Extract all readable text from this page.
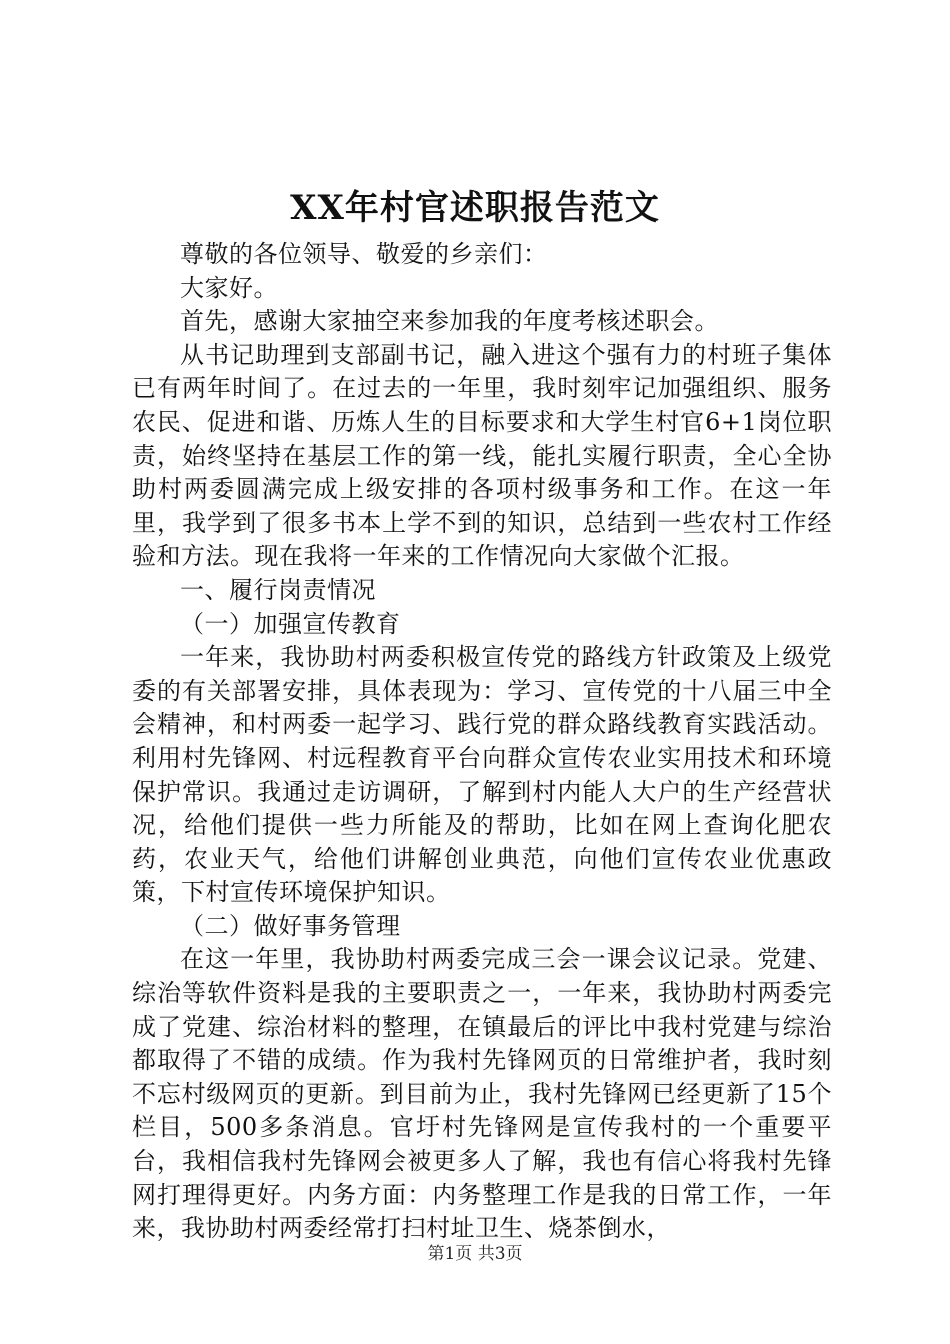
XX年村官述职报告范文

尊敬的各位领导、敬爱的乡亲们：

大家好。

首先，感谢大家抽空来参加我的年度考核述职会。

从书记助理到支部副书记，融入进这个强有力的村班子集体已有两年时间了。在过去的一年里，我时刻牢记加强组织、服务农民、促进和谐、历炼人生的目标要求和大学生村官6+1岗位职责，始终坚持在基层工作的第一线，能扎实履行职责，全心全协助村两委圆满完成上级安排的各项村级事务和工作。在这一年里，我学到了很多书本上学不到的知识，总结到一些农村工作经验和方法。现在我将一年来的工作情况向大家做个汇报。

一、履行岗责情况

（一）加强宣传教育

一年来，我协助村两委积极宣传党的路线方针政策及上级党委的有关部署安排，具体表现为：学习、宣传党的十八届三中全会精神，和村两委一起学习、践行党的群众路线教育实践活动。利用村先锋网、村远程教育平台向群众宣传农业实用技术和环境保护常识。我通过走访调研，了解到村内能人大户的生产经营状况，给他们提供一些力所能及的帮助，比如在网上查询化肥农药，农业天气，给他们讲解创业典范，向他们宣传农业优惠政策，下村宣传环境保护知识。

（二）做好事务管理

在这一年里，我协助村两委完成三会一课会议记录。党建、综治等软件资料是我的主要职责之一，一年来，我协助村两委完成了党建、综治材料的整理，在镇最后的评比中我村党建与综治都取得了不错的成绩。作为我村先锋网页的日常维护者，我时刻不忘村级网页的更新。到目前为止，我村先锋网已经更新了15个栏目，500多条消息。官圩村先锋网是宣传我村的一个重要平台，我相信我村先锋网会被更多人了解，我也有信心将我村先锋网打理得更好。内务方面：内务整理工作是我的日常工作，一年来，我协助村两委经常打扫村址卫生、烧茶倒水，

第1页 共3页
